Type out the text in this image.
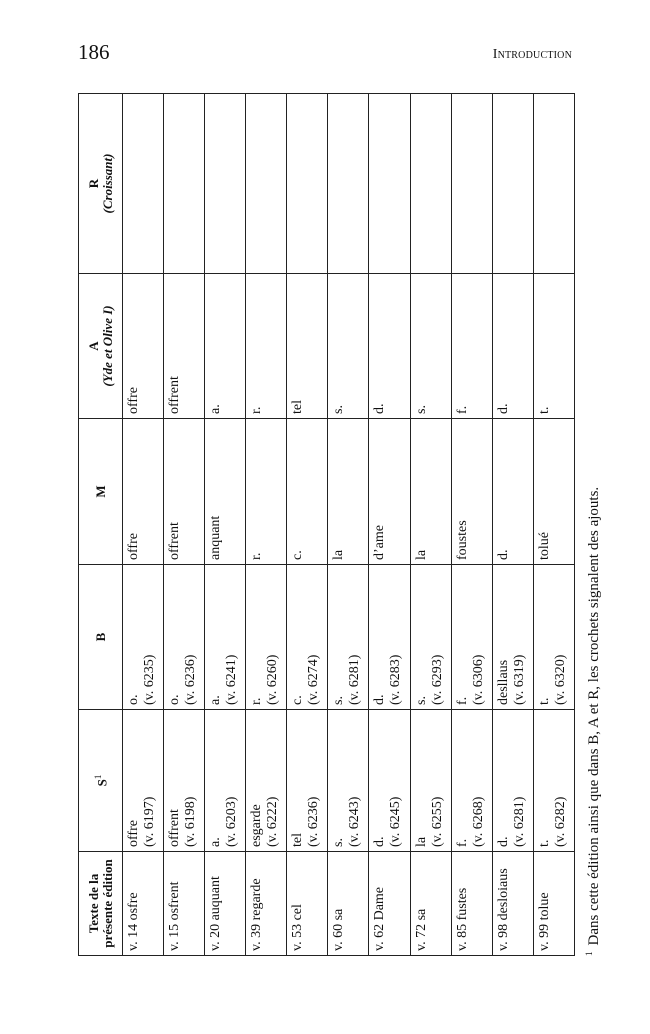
186	Introduction
Texte de la présente édition	$S^1$	B	M	A (Yde et Olive I)	R (Croissant)

v. 14 osfre	offre (v. 6197)	o. (v. 6235)	offre	offre	

v. 15 osfrent	offrent (v. 6198)	o. (v. 6236)	offrent	offrent	

v. 20 auquant	a. (v. 6203)	a. (v. 6241)	anquant	a.	

v. 39 regarde	esgarde (v. 6222)	r. (v. 6260)	r.	r.	

v. 53 cel	tel (v. 6236)	c. (v. 6274)	c.	tel	

v. 60 sa	s. (v. 6243)	s. (v. 6281)	la	s.	

v. 62 Dame	d. (v. 6245)	d. (v. 6283)	d’ame	d.	

v. 72 sa	la (v. 6255)	s. (v. 6293)	la	s.	

v. 85 fustes	f. (v. 6268)	f. (v. 6306)	foustes	f.	

v. 98 desloiaus	d. (v. 6281)	desllaus (v. 6319)	d.	d.	

v. 99 tolue	t. (v. 6282)	t. (v. 6320)	tolué	t.	

$^1$Dans cette édition ainsi que dans B, A et R, les crochets signalent des ajouts.
